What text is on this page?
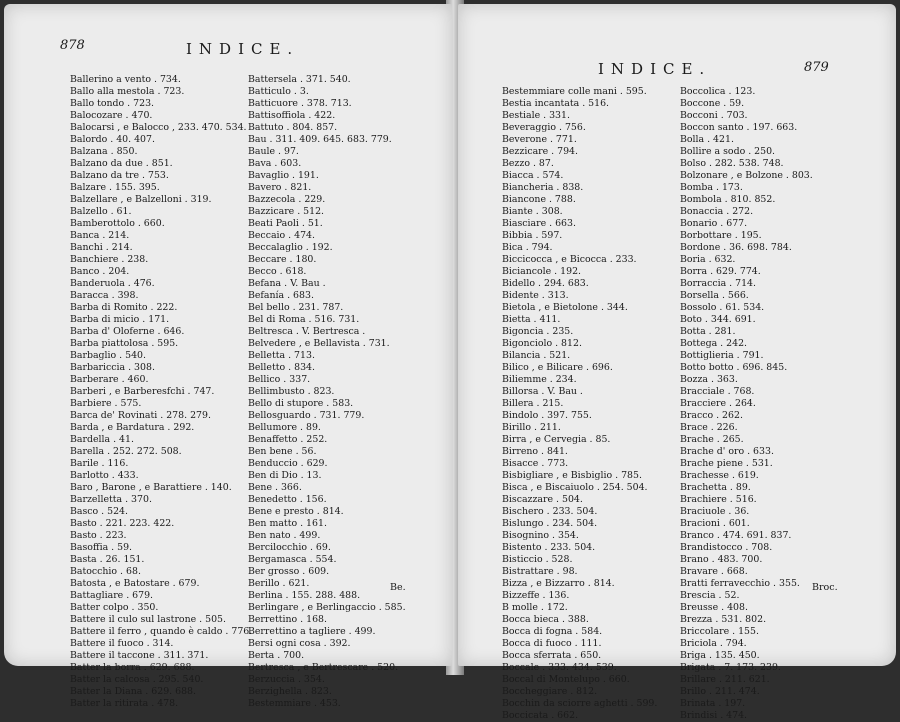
878	INDICE.
Ballerino a vento . 734.
Ballo alla mestola . 723.
Ballo tondo . 723.
Balocozare . 470.
Balocarsi , e Balocco , 233. 470. 534.
Balordo . 40. 407.
Balzana . 850.
Balzano da due . 851.
Balzano da tre . 753.
Balzare . 155. 395.
Balzellare , e Balzelloni . 319.
Balzello . 61.
Bamberottolo . 660.
Banca . 214.
Banchi . 214.
Banchiere . 238.
Banco . 204.
Banderuola . 476.
Baracca . 398.
Barba di Romito . 222.
Barba di micio . 171.
Barba d' Oloferne . 646.
Barba piattolosa . 595.
Barbaglio . 540.
Barbariccia . 308.
Barberare . 460.
Barberi , e Barberesfchi . 747.
Barbiere . 575.
Barca de' Rovinati . 278. 279.
Barda , e Bardatura . 292.
Bardella . 41.
Barella . 252. 272. 508.
Barile . 116.
Barlotto . 433.
Baro , Barone , e Barattiere . 140.
Barzelletta . 370.
Basco . 524.
Basto . 221. 223. 422.
Basto . 223.
Basoffia . 59.
Basta . 26. 151.
Batocchio . 68.
Batosta , e Batostare . 679.
Battagliare . 679.
Batter colpo . 350.
Battere il culo sul lastrone . 505.
Battere il ferro , quando è caldo . 776.
Battere il fuoco . 314.
Battere il taccone . 311. 371.
Batter la borra . 629. 688.
Batter la calcosa . 295. 540.
Batter la Diana . 629. 688.
Batter la ritirata . 478.
Battersela . 371. 540.
Batticulo . 3.
Batticuore . 378. 713.
Battisoffiola . 422.
Battuto . 804. 857.
Bau . 311. 409. 645. 683. 779.
Baule . 97.
Bava . 603.
Bavaglio . 191.
Bavero . 821.
Bazzecola . 229.
Bazzicare . 512.
Beati Paoli . 51.
Beccaio . 474.
Beccalaglio . 192.
Beccare . 180.
Becco . 618.
Befana . V. Bau .
Befanía . 683.
Bel bello . 231. 787.
Bel di Roma . 516. 731.
Beltresca . V. Bertresca .
Belvedere , e Bellavista . 731.
Belletta . 713.
Belletto . 834.
Bellico . 337.
Bellimbusto . 823.
Bello di stupore . 583.
Bellosguardo . 731. 779.
Bellumore . 89.
Benaffetto . 252.
Ben bene . 56.
Benduccio . 629.
Ben di Dio . 13.
Bene . 366.
Benedetto . 156.
Bene e presto . 814.
Ben matto . 161.
Ben nato . 499.
Bercilocchio . 69.
Bergamasca . 554.
Ber grosso . 609.
Berillo . 621.
Berlina . 155. 288. 488.
Berlingare , e Berlingaccio . 585.
Berrettino . 168.
Berrettino a tagliere . 499.
Bersi ogni cosa . 392.
Berta . 700.
Bertresca , e Bertrescare . 520.
Berzuccia . 354.
Berzighella . 823.
Bestemmiare . 453.
Be.
INDICE.	879
Bestemmiare colle mani . 595.
Bestia incantata . 516.
Bestiale . 331.
Beveraggio . 756.
Beverone . 771.
Bezzicare . 794.
Bezzo . 87.
Biacca . 574.
Biancheria . 838.
Biancone . 788.
Biante . 308.
Biasciare . 663.
Bibbia . 597.
Bica . 794.
Biccicocca , e Bicocca . 233.
Biciancole . 192.
Bidello . 294. 683.
Bidente . 313.
Bietola , e Bietolone . 344.
Bietta . 411.
Bigoncia . 235.
Bigonciolo . 812.
Bilancia . 521.
Bilico , e Bilicare . 696.
Biliemme . 234.
Billorsa . V. Bau .
Billera . 215.
Bindolo . 397. 755.
Birillo . 211.
Birra , e Cervegia . 85.
Birreno . 841.
Bisacce . 773.
Bisbigliare , e Bisbiglio . 785.
Bisca , e Biscaiuolo . 254. 504.
Biscazzare . 504.
Bischero . 233. 504.
Bislungo . 234. 504.
Bisognino . 354.
Bistento . 233. 504.
Bisticcio . 528.
Bistrattare . 98.
Bizza , e Bizzarro . 814.
Bizzeffe . 136.
B molle . 172.
Bocca bieca . 388.
Bocca di fogna . 584.
Bocca di fuoco . 111.
Bocca sferrata . 650.
Boccale . 333. 434. 539.
Boccal di Montelupo . 660.
Boccheggiare . 812.
Bocchin da sciorre aghetti . 599.
Boccicata . 662.
Boccolica . 123.
Boccone . 59.
Bocconi . 703.
Boccon santo . 197. 663.
Bolla . 421.
Bollire a sodo . 250.
Bolso . 282. 538. 748.
Bolzonare , e Bolzone . 803.
Bomba . 173.
Bombola . 810. 852.
Bonaccia . 272.
Bonario . 677.
Borbottare . 195.
Bordone . 36. 698. 784.
Boria . 632.
Borra . 629. 774.
Borraccia . 714.
Borsella . 566.
Bossolo . 61. 534.
Boto . 344. 691.
Botta . 281.
Bottega . 242.
Bottiglieria . 791.
Botto botto . 696. 845.
Bozza . 363.
Bracciale . 768.
Bracciere . 264.
Bracco . 262.
Brace . 226.
Brache . 265.
Brache d' oro . 633.
Brache piene . 531.
Brachesse . 619.
Brachetta . 89.
Brachiere . 516.
Braciuole . 36.
Bracioni . 601.
Branco . 474. 691. 837.
Brandistocco . 708.
Brano . 483. 700.
Bravare . 668.
Bratti ferravecchio . 355.
Brescia . 52.
Breusse . 408.
Brezza . 531. 802.
Briccolare . 155.
Briciola . 794.
Briga . 135. 450.
Brigata . 7. 173. 239.
Brillare . 211. 621.
Brillo . 211. 474.
Brinata . 197.
Brindisi . 474.
Broc.
